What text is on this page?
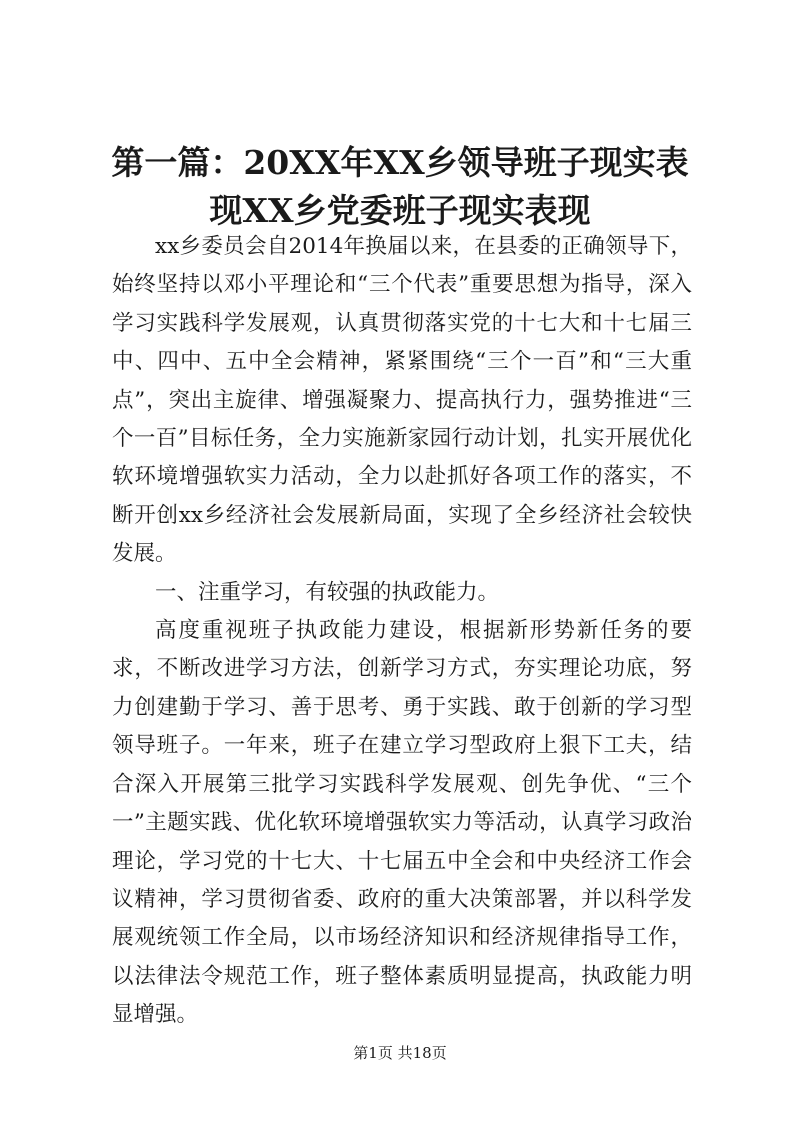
第一篇：20XX年XX乡领导班子现实表现XX乡党委班子现实表现

xx乡委员会自2014年换届以来，在县委的正确领导下，始终坚持以邓小平理论和“三个代表”重要思想为指导，深入学习实践科学发展观，认真贯彻落实党的十七大和十七届三中、四中、五中全会精神，紧紧围绕“三个一百”和“三大重点”，突出主旋律、增强凝聚力、提高执行力，强势推进“三个一百”目标任务，全力实施新家园行动计划，扎实开展优化软环境增强软实力活动，全力以赴抓好各项工作的落实，不断开创xx乡经济社会发展新局面，实现了全乡经济社会较快发展。

一、注重学习，有较强的执政能力。

高度重视班子执政能力建设，根据新形势新任务的要求，不断改进学习方法，创新学习方式，夯实理论功底，努力创建勤于学习、善于思考、勇于实践、敢于创新的学习型领导班子。一年来，班子在建立学习型政府上狠下工夫，结合深入开展第三批学习实践科学发展观、创先争优、“三个一”主题实践、优化软环境增强软实力等活动，认真学习政治理论，学习党的十七大、十七届五中全会和中央经济工作会议精神，学习贯彻省委、政府的重大决策部署，并以科学发展观统领工作全局，以市场经济知识和经济规律指导工作，以法律法令规范工作，班子整体素质明显提高，执政能力明显增强。

第1页 共18页
